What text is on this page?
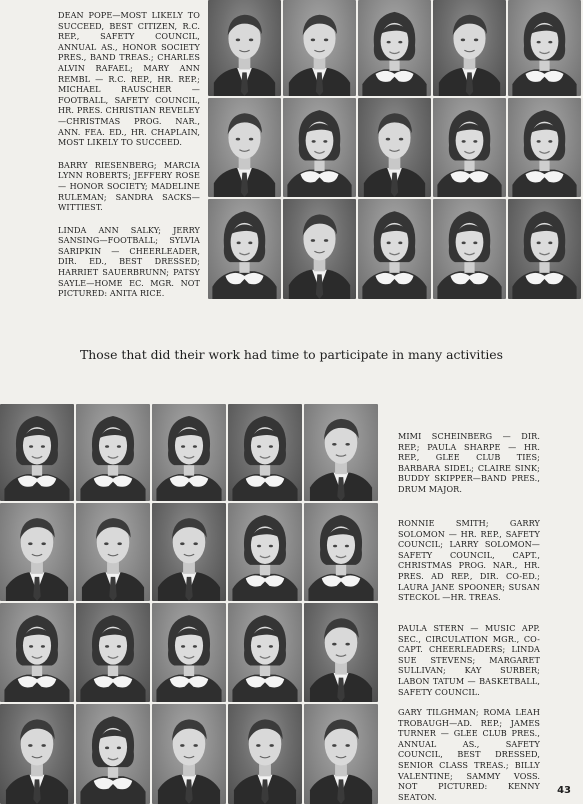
DEAN POPE—MOST LIKELY TO SUCCEED, BEST CITIZEN, R.C. REP., SAFETY COUNCIL, ANNUAL AS., HONOR SOCIETY PRES., BAND TREAS.; CHARLES ALVIN RAFAEL; MARY ANN REMBL — R.C. REP., HR. REP.; MICHAEL RAUSCHER — FOOTBALL, SAFETY COUNCIL, HR. PRES. CHRISTIAN REVELEY—CHRISTMAS PROG. NAR., ANN. FEA. ED., HR. CHAPLAIN, MOST LIKELY TO SUCCEED.

BARRY RIESENBERG; MARCIA LYNN ROBERTS; JEFFERY ROSE — HONOR SOCIETY; MADELINE RULEMAN; SANDRA SACKS—WITTIEST.

LINDA ANN SALKY; JERRY SANSING—FOOTBALL; SYLVIA SARIPKIN — CHEERLEADER, DIR. ED., BEST DRESSED; HARRIET SAUERBRUNN; PATSY SAYLE—HOME EC. MGR. NOT PICTURED: ANITA RICE.

Those that did their work had time to participate in many activities

MIMI SCHEINBERG — DIR. REP.; PAULA SHARPE — HR. REP., GLEE CLUB TIES; BARBARA SIDEL; CLAIRE SINK; BUDDY SKIPPER—BAND PRES., DRUM MAJOR.

RONNIE SMITH; GARRY SOLOMON — HR. REP., SAFETY COUNCIL; LARRY SOLOMON—SAFETY COUNCIL, CAPT., CHRISTMAS PROG. NAR., HR. PRES. AD REP., DIR. CO-ED.; LAURA JANE SPOONER; SUSAN STECKOL —HR. TREAS.

PAULA STERN — MUSIC APP. SEC., CIRCULATION MGR., CO-CAPT. CHEERLEADERS; LINDA SUE STEVENS; MARGARET SULLIVAN; KAY SURBER; LABON TATUM — BASKETBALL, SAFETY COUNCIL.

GARY TILGHMAN; ROMA LEAH TROBAUGH—AD. REP.; JAMES TURNER — GLEE CLUB PRES., ANNUAL AS., SAFETY COUNCIL, BEST DRESSED, SENIOR CLASS TREAS.; BILLY VALENTINE; SAMMY VOSS. NOT PICTURED: KENNY SEATON.

43
